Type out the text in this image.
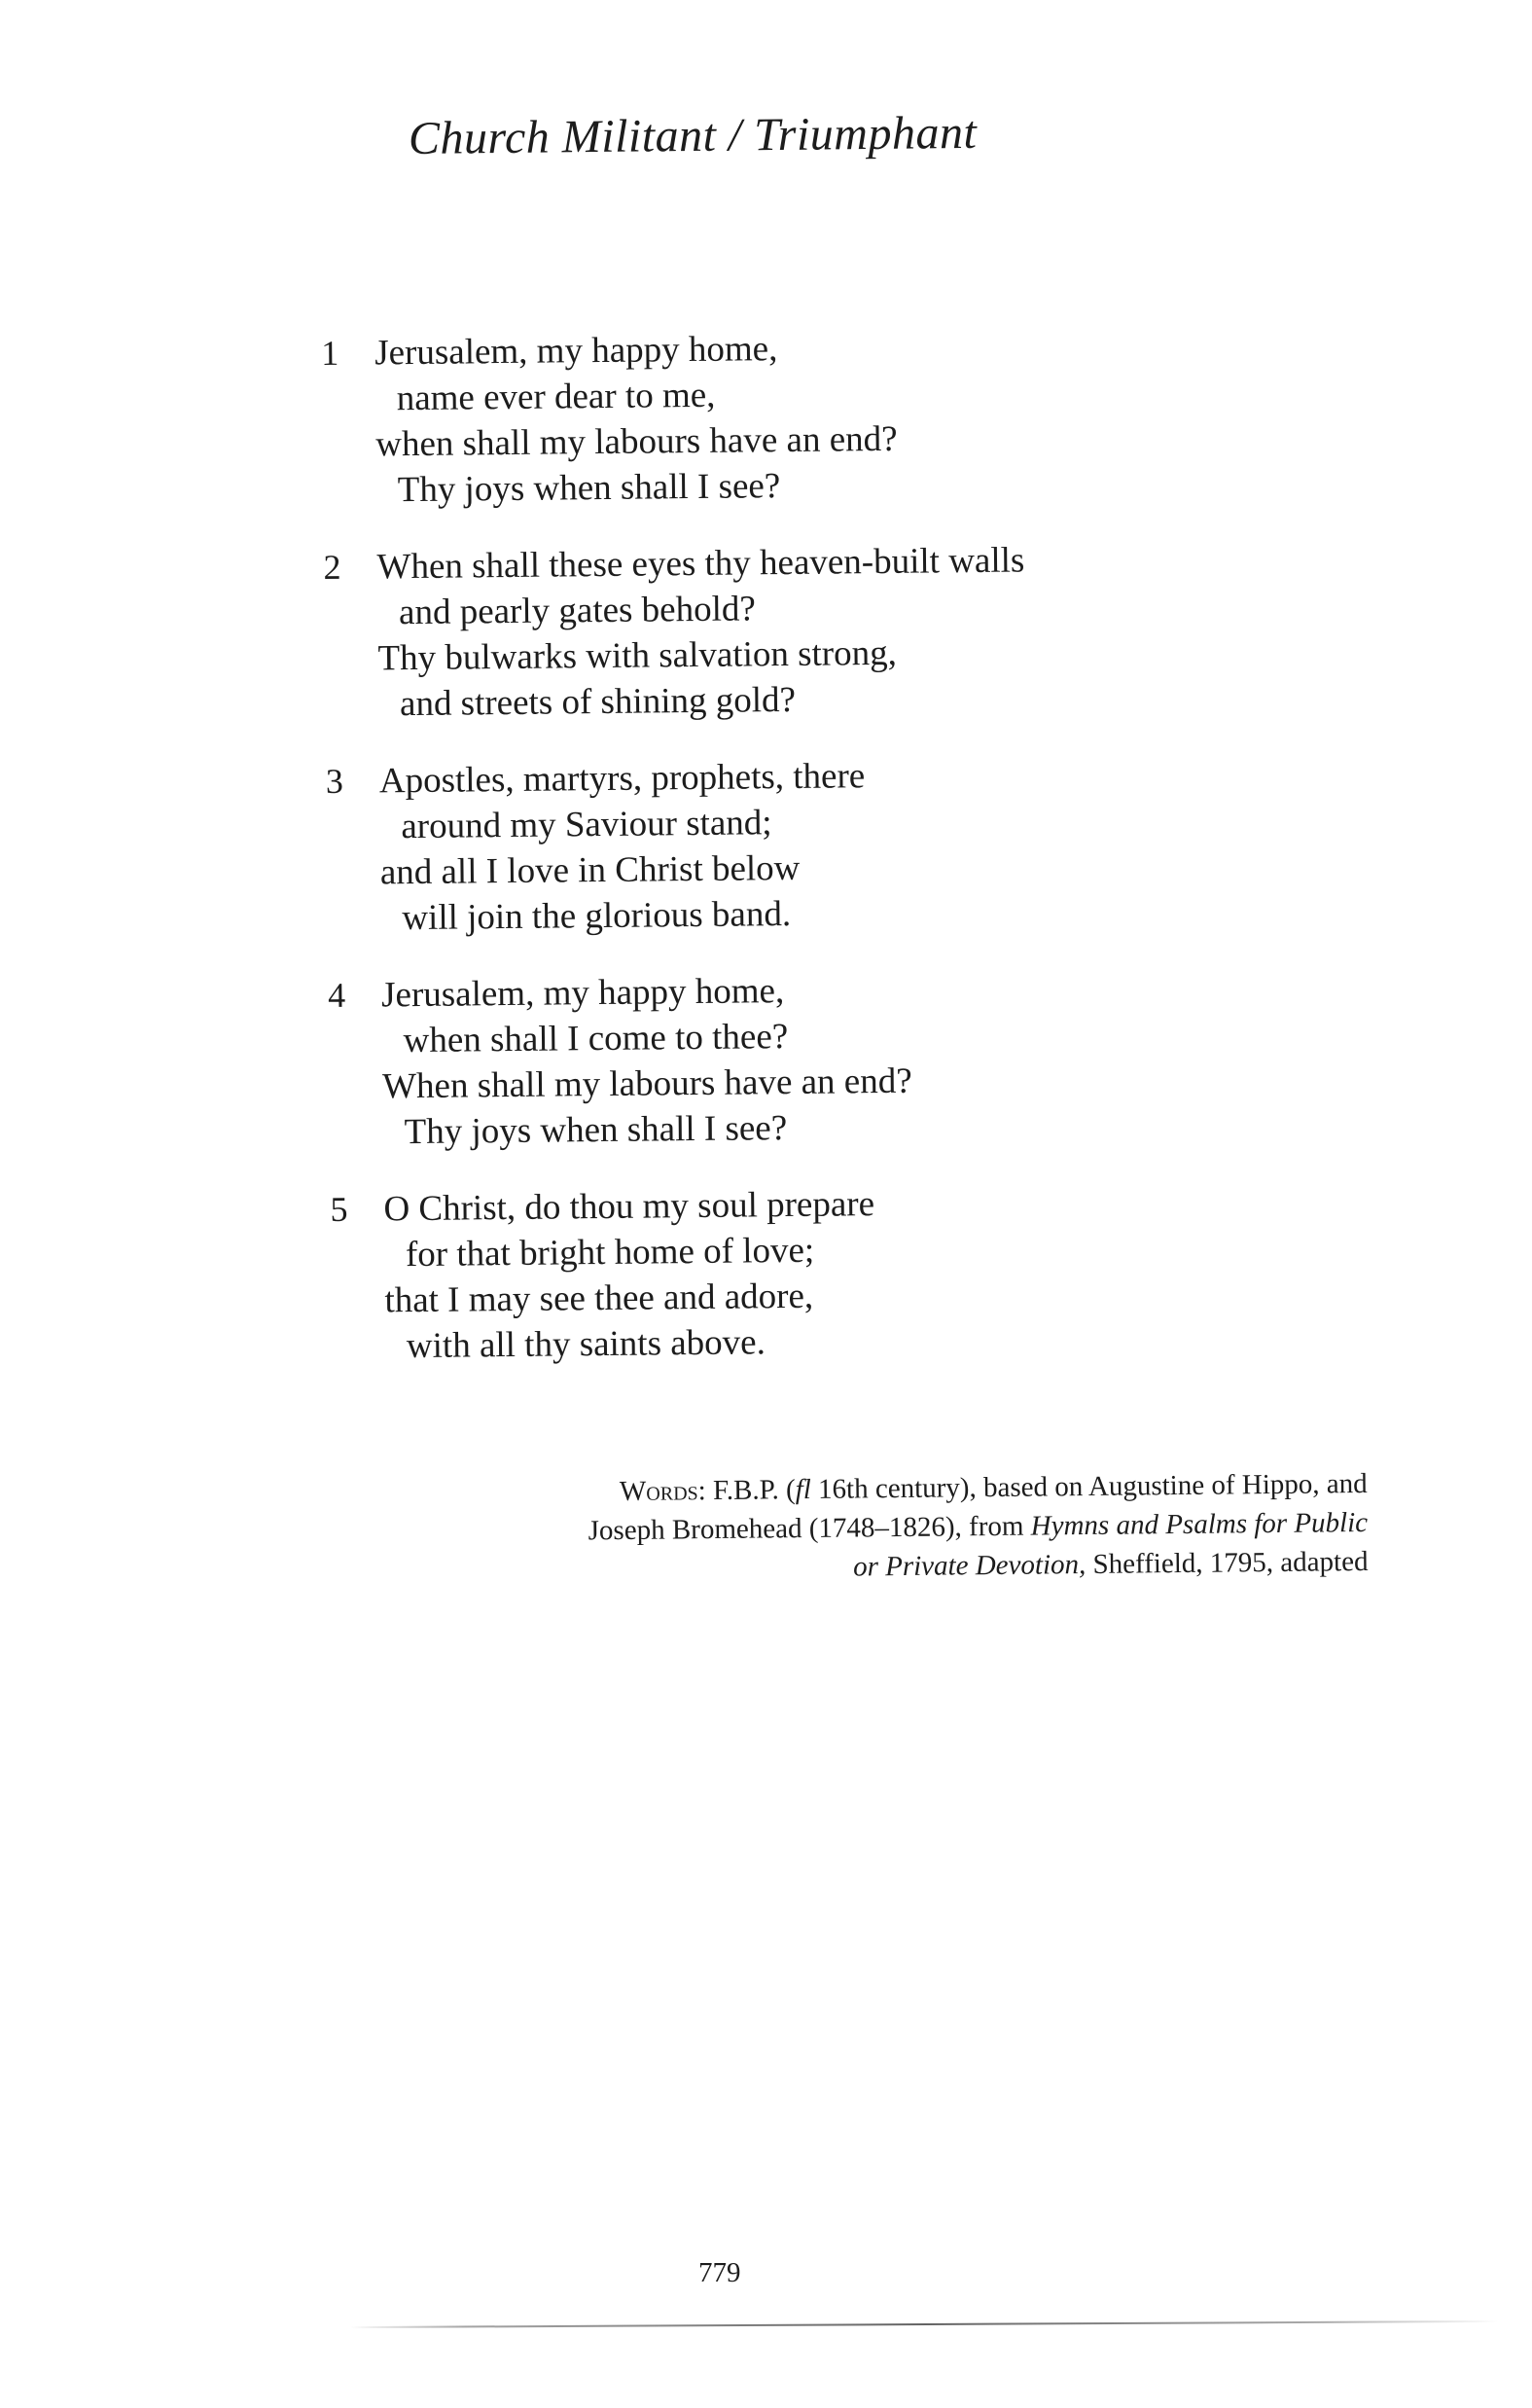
Church Militant / Triumphant
1 Jerusalem, my happy home,
name ever dear to me,
when shall my labours have an end?
Thy joys when shall I see?
2 When shall these eyes thy heaven-built walls
and pearly gates behold?
Thy bulwarks with salvation strong,
and streets of shining gold?
3 Apostles, martyrs, prophets, there
around my Saviour stand;
and all I love in Christ below
will join the glorious band.
4 Jerusalem, my happy home,
when shall I come to thee?
When shall my labours have an end?
Thy joys when shall I see?
5 O Christ, do thou my soul prepare
for that bright home of love;
that I may see thee and adore,
with all thy saints above.
Words: F.B.P. (fl 16th century), based on Augustine of Hippo, and
Joseph Bromehead (1748–1826), from Hymns and Psalms for Public
or Private Devotion, Sheffield, 1795, adapted
779
